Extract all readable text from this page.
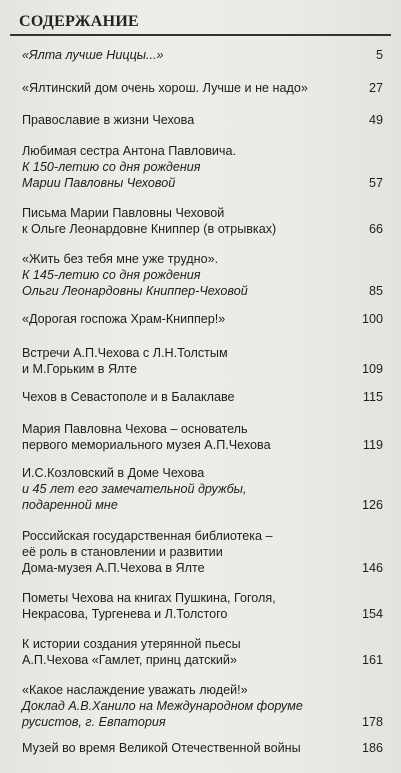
СОДЕРЖАНИЕ
«Ялта лучше Ниццы...»	5
«Ялтинский дом очень хорош. Лучше и не надо»	27
Православие в жизни Чехова	49
Любимая сестра Антона Павловича.
К 150-летию со дня рождения
Марии Павловны Чеховой	57
Письма Марии Павловны Чеховой
к Ольге Леонардовне Книппер (в отрывках)	66
«Жить без тебя мне уже трудно».
К 145-летию со дня рождения
Ольги Леонардовны Книппер-Чеховой	85
«Дорогая госпожа Храм-Книппер!»	100
Встречи А.П.Чехова с Л.Н.Толстым
и М.Горьким в Ялте	109
Чехов в Севастополе и в Балаклаве	115
Мария Павловна Чехова – основатель
первого мемориального музея А.П.Чехова	119
И.С.Козловский в Доме Чехова
и 45 лет его замечательной дружбы,
подаренной мне	126
Российская государственная библиотека –
её роль в становлении и развитии
Дома-музея А.П.Чехова в Ялте	146
Пометы Чехова на книгах Пушкина, Гоголя,
Некрасова, Тургенева и Л.Толстого	154
К истории создания утерянной пьесы
А.П.Чехова «Гамлет, принц датский»	161
«Какое наслаждение уважать людей!»
Доклад А.В.Ханило на Международном форуме
русистов, г. Евпатория	178
Музей во время Великой Отечественной войны	186
